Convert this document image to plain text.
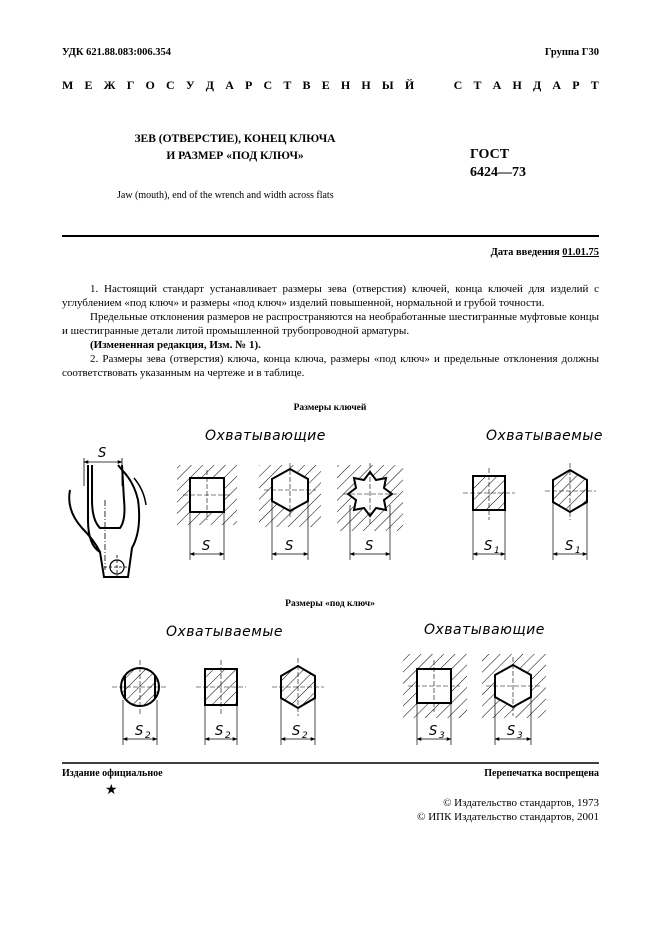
УДК 621.88.083:006.354	Группа Г30
М Е Ж Г О С У Д А Р С Т В Е Н Н Ы Й

	С Т А Н Д А Р Т
ЗЕВ (ОТВЕРСТИЕ), КОНЕЦ КЛЮЧА
И РАЗМЕР «ПОД КЛЮЧ»	ГОСТ
6424—73
Jaw (mouth), end of the wrench and width across flats
Дата введения 01.01.75

1. Настоящий стандарт устанавливает размеры зева (отверстия) ключей, конца ключей для изделий с углублением «под ключ» и размеры «под ключ» изделий повышенной, нормальной и грубой точности.

Предельные отклонения размеров не распространяются на необработанные шестигранные муфтовые концы и шестигранные детали литой промышленной трубопроводной арматуры.

(Измененная редакция, Изм. № 1).

2. Размеры зева (отверстия) ключа, конца ключа, размеры «под ключ» и предельные отклонения должны соответствовать указанным на чертеже и в таблице.

Размеры ключей
Охватывающие	Охватываемые
Размеры «под ключ»
Охватываемые	Охватывающие
S
S	S	S	S 1	S 1
S 2	S 2	S 2	S 3	S 3
Издание официальное	Перепечатка воспрещена
★
© Издательство стандартов, 1973
© ИПК Издательство стандартов, 2001
